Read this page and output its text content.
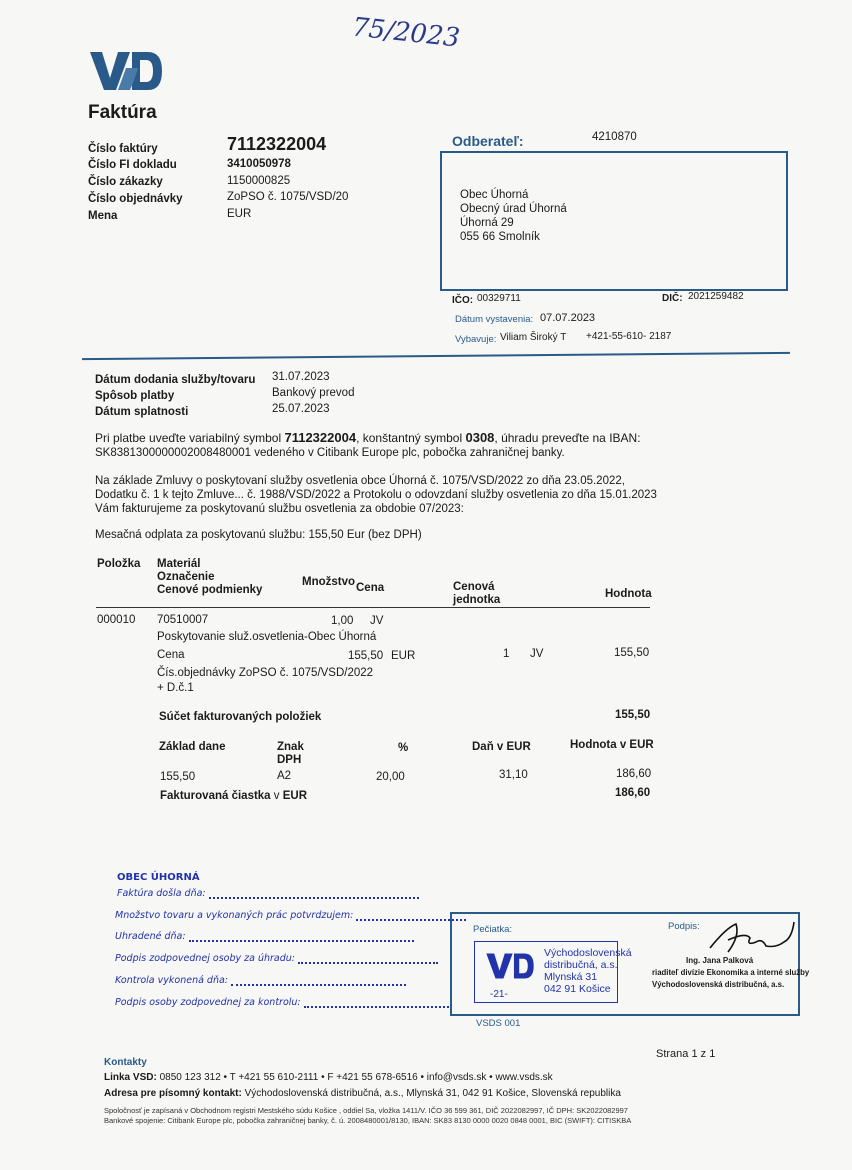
75/2023
Faktúra
Číslo faktúry	7112322004
Číslo FI dokladu	3410050978
Číslo zákazky	1150000825
Číslo objednávky	ZoPSO č. 1075/VSD/20
Mena	EUR
Odberateľ:	4210870
Obec Úhorná
Obecný úrad Úhorná
Úhorná 29
055 66 Smolník
IČO: 00329711	DIČ: 2021259482
Dátum vystavenia: 07.07.2023
Vybavuje: Viliam Široký T +421-55-610- 2187
Dátum dodania služby/tovaru 31.07.2023
Spôsob platby	Bankový prevod
Dátum splatnosti	25.07.2023
Pri platbe uveďte variabilný symbol 7112322004, konštantný symbol 0308, úhradu preveďte na IBAN:
SK8381300000002008480001 vedeného v Citibank Europe plc, pobočka zahraničnej banky.
Na základe Zmluvy o poskytovaní služby osvetlenia obce Úhorná č. 1075/VSD/2022 zo dňa 23.05.2022,
Dodatku č. 1 k tejto Zmluve... č. 1988/VSD/2022 a Protokolu o odovzdaní služby osvetlenia zo dňa 15.01.2023
Vám fakturujeme za poskytovanú službu osvetlenia za obdobie 07/2023:
Mesačná odplata za poskytovanú službu: 155,50 Eur (bez DPH)
Položka Materiál
Označenie
Cenové podmienky
Množstvo Cena	Cenová
jednotka	Hodnota
000010 70510007	1,00 JV
Poskytovanie služ.osvetlenia-Obec Úhorná
Cena	155,50 EUR	1 JV	155,50
Čís.objednávky ZoPSO č. 1075/VSD/2022
+ D.č.1
Súčet fakturovaných položiek	155,50
Základ dane	Znak
DPH
%	Daň v EUR	Hodnota v EUR
155,50	A2	20,00	31,10	186,60
Fakturovaná čiastka v EUR	186,60
OBEC ÚHORNÁ
Faktúra došla dňa:
Množstvo tovaru a vykonaných prác potvrdzujem:
Uhradené dňa:
Podpis zodpovednej osoby za úhradu:
Kontrola vykonená dňa:
Podpis osoby zodpovednej za kontrolu:
Pečiatka:	Podpis:
Východoslovenská
distribučná, a.s.
Mlynská 31
042 91 Košice
-21-
Ing. Jana Palková
riaditeľ divízie Ekonomika a interné služby
Východoslovenská distribučná, a.s.
VSDS 001
Strana 1 z 1
Kontakty
Linka VSD: 0850 123 312 • T +421 55 610-2111 • F +421 55 678-6516 • info@vsds.sk • www.vsds.sk
Adresa pre písomný kontakt: Východoslovenská distribučná, a.s., Mlynská 31, 042 91 Košice, Slovenská republika
Spoločnosť je zapísaná v Obchodnom registri Mestského súdu Košice , oddiel Sa, vložka 1411/V. IČO 36 599 361, DIČ 2022082997, IČ DPH: SK2022082997
Bankové spojenie: Citibank Europe plc, pobočka zahraničnej banky, č. ú. 2008480001/8130, IBAN: SK83 8130 0000 0020 0848 0001, BIC (SWIFT): CITISKBA
